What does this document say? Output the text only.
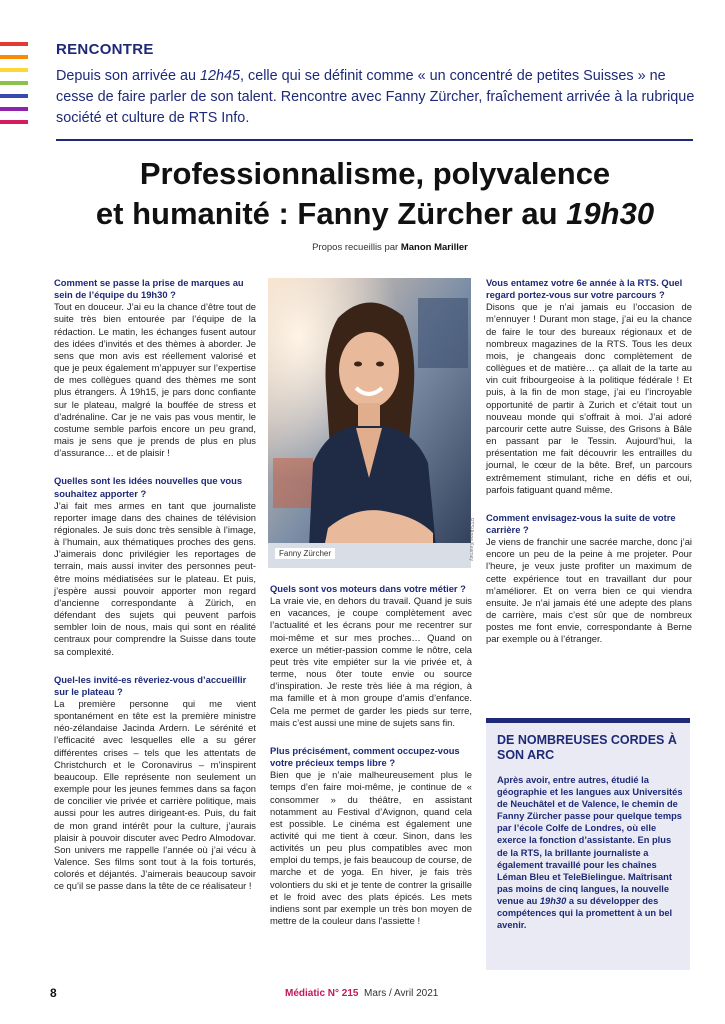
RENCONTRE
Depuis son arrivée au 12h45, celle qui se définit comme « un concentré de petites Suisses » ne cesse de faire parler de son talent. Rencontre avec Fanny Zürcher, fraîchement arrivée à la rubrique société et culture de RTS Info.
Professionnalisme, polyvalence
et humanité : Fanny Zürcher au 19h30
Propos recueillis par Manon Mariller
Comment se passe la prise de marques au sein de l’équipe du 19h30 ?

Tout en douceur. J’ai eu la chance d’être tout de suite très bien entourée par l’équipe de la rédaction. Le matin, les échanges fusent autour des idées d’invités et des thèmes à aborder. Je sens que mon avis est réellement valorisé et que je peux également m’appuyer sur l’expertise de mes collègues quand des thèmes me sont plus étrangers. À 19h15, je pars donc confiante sur le plateau, malgré la bouffée de stress et d’adrénaline. Car je ne vais pas vous mentir, le costume semble parfois encore un peu grand, mais je sens que je prends de plus en plus d’assurance… et de plaisir !

Quelles sont les idées nouvelles que vous souhaitez apporter ?

J’ai fait mes armes en tant que journaliste reporter image dans des chaines de télévision régionales. Je suis donc très sensible à l’image, à l’humain, aux thématiques proches des gens. J’aimerais donc privilégier les reportages de terrain, mais aussi inviter des personnes peut-être moins médiatisées sur le plateau. Et puis, j’espère aussi pouvoir apporter mon regard d’ancienne correspondante à Zürich, en défendant des sujets qui peuvent parfois sembler loin de nous, mais qui sont en réalité centraux pour comprendre la Suisse dans toute sa complexité.

Quel-les invité-es rêveriez-vous d’accueillir sur le plateau ?

La première personne qui me vient spontanément en tête est la première ministre néo-zélandaise Jacinda Ardern. Le sérénité et l’efficacité avec lesquelles elle a su gérer différentes crises – tels que les attentats de Christchurch et le Coronavirus – m’inspirent beaucoup. Elle représente non seulement un exemple pour les jeunes femmes dans sa façon de concilier vie privée et carrière politique, mais aussi pour les autres dirigeant-es. Puis, du fait de mon grand intérêt pour la culture, j’aurais plaisir à pouvoir discuter avec Pedro Almodovar. Son univers me rappelle l’année où j’ai vécu à Valence. Ses films sont tout à la fois torturés, colorés et déjantés. J’aimerais beaucoup savoir ce qu’il se passe dans la tête de ce réalisateur !

Fanny Zürcher	RTS/Anne Kearney
Quels sont vos moteurs dans votre métier ?

La vraie vie, en dehors du travail. Quand je suis en vacances, je coupe complètement avec l’actualité et les écrans pour me recentrer sur moi-même et sur mes proches… Quand on exerce un métier-passion comme le nôtre, cela peut très vite empiéter sur la vie privée et, à terme, nous ôter toute envie ou source d’inspiration. Je reste très liée à ma région, à ma famille et à mon groupe d’amis d’enfance. Cela me permet de garder les pieds sur terre, mais c’est aussi une mine de sujets sans fin.

Plus précisément, comment occupez-vous votre précieux temps libre ?

Bien que je n’aie malheureusement plus le temps d’en faire moi-même, je continue de « consommer » du théâtre, en assistant notamment au Festival d’Avignon, quand cela est possible. Le cinéma est également une activité qui me tient à cœur. Sinon, dans les activités un peu plus compatibles avec mon emploi du temps, je fais beaucoup de course, de marche et de yoga. En hiver, je fais très volontiers du ski et je tente de contrer la grisaille et le froid avec des plats épicés. Les mets indiens sont par exemple un très bon moyen de mettre de la couleur dans l’assiette !

Vous entamez votre 6e année à la RTS. Quel regard portez-vous sur votre parcours ?

Disons que je n’ai jamais eu l’occasion de m’ennuyer ! Durant mon stage, j’ai eu la chance de faire le tour des bureaux régionaux et de nombreux magazines de la RTS. Tous les deux mois, je changeais donc complètement de collègues et de matière… ça allait de la tarte au vin cuit fribourgeoise à la politique fédérale ! Et puis, à la fin de mon stage, j’ai eu l’incroyable opportunité de partir à Zurich et c’était tout un nouveau monde qui s’offrait à moi. J’ai adoré parcourir cette autre Suisse, des Grisons à Bâle en passant par le Tessin. Aujourd’hui, la présentation me fait découvrir les entrailles du journal, le cœur de la bête. Bref, un parcours extrêmement stimulant, riche en défis et oui, parfois fatiguant quand même.

Comment envisagez-vous la suite de votre carrière ?

Je viens de franchir une sacrée marche, donc j’ai encore un peu de la peine à me projeter. Pour l’heure, je veux juste profiter un maximum de cette expérience tout en travaillant dur pour m’améliorer. Et on verra bien ce qui viendra ensuite. Je n’ai jamais été une adepte des plans de carrière, mais c’est sûr que de nombreux postes me font envie, correspondante à Berne par exemple ou à l’étranger.

DE NOMBREUSES CORDES À SON ARC
Après avoir, entre autres, étudié la géographie et les langues aux Universités de Neuchâtel et de Valence, le chemin de Fanny Zürcher passe pour quelque temps par l’école Colfe de Londres, où elle exerce la fonction d’assistante. En plus de la RTS, la brillante journaliste a également travaillé pour les chaînes Léman Bleu et TeleBielingue. Maîtrisant pas moins de cinq langues, la nouvelle venue au 19h30 a su développer des compétences qui la promettent à un bel avenir.
8	Médiatic N° 215 Mars / Avril 2021
